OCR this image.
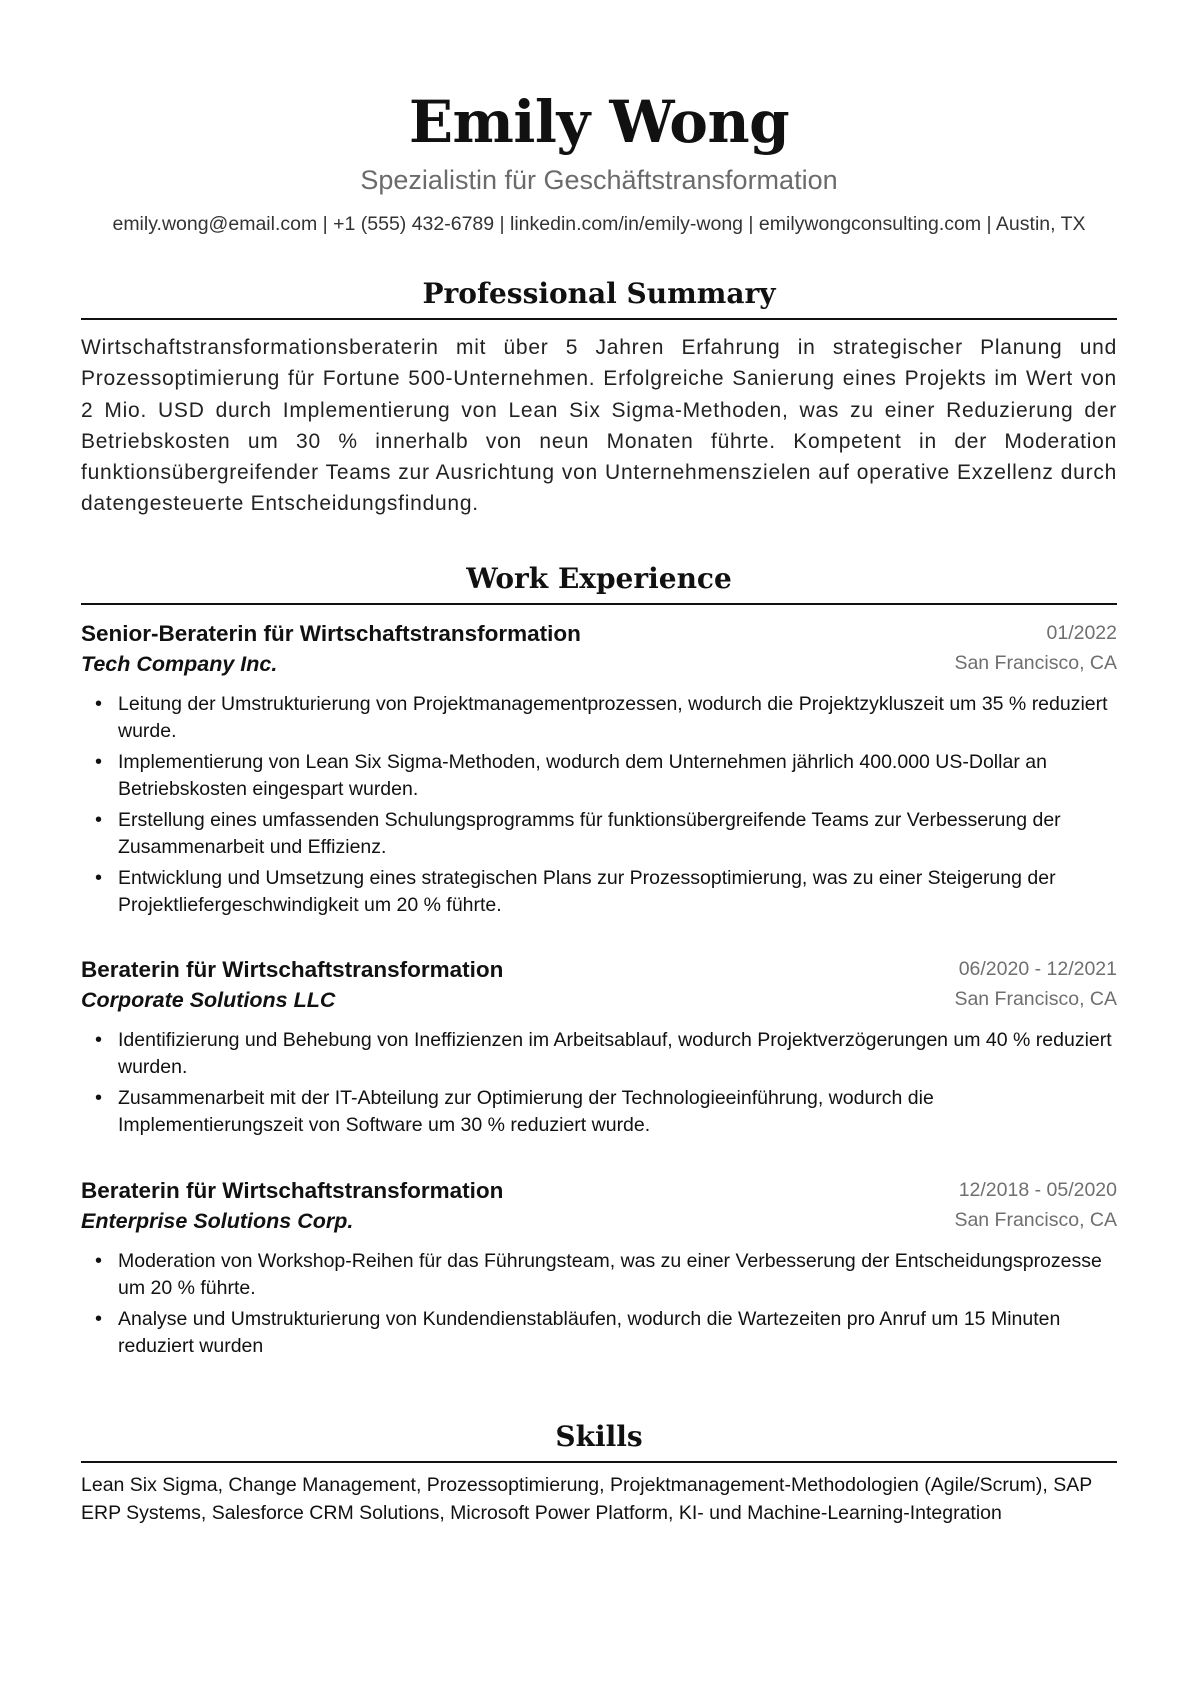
Emily Wong
Spezialistin für Geschäftstransformation
emily.wong@email.com | +1 (555) 432-6789 | linkedin.com/in/emily-wong | emilywongconsulting.com | Austin, TX
Professional Summary

Wirtschaftstransformationsberaterin mit über 5 Jahren Erfahrung in strategischer Planung und Prozessoptimierung für Fortune 500-Unternehmen. Erfolgreiche Sanierung eines Projekts im Wert von 2 Mio. USD durch Implementierung von Lean Six Sigma-Methoden, was zu einer Reduzierung der Betriebskosten um 30 % innerhalb von neun Monaten führte. Kompetent in der Moderation funktionsübergreifender Teams zur Ausrichtung von Unternehmenszielen auf operative Exzellenz durch datengesteuerte Entscheidungsfindung.

Work Experience
Senior-Beraterin für Wirtschaftstransformation
Tech Company Inc.
01/2022
San Francisco, CA
• Leitung der Umstrukturierung von Projektmanagementprozessen, wodurch die Projektzykluszeit um 35 % reduziert wurde.
• Implementierung von Lean Six Sigma-Methoden, wodurch dem Unternehmen jährlich 400.000 US-Dollar an Betriebskosten eingespart wurden.
• Erstellung eines umfassenden Schulungsprogramms für funktionsübergreifende Teams zur Verbesserung der Zusammenarbeit und Effizienz.
• Entwicklung und Umsetzung eines strategischen Plans zur Prozessoptimierung, was zu einer Steigerung der Projektliefergeschwindigkeit um 20 % führte.
Beraterin für Wirtschaftstransformation
Corporate Solutions LLC
06/2020 - 12/2021
San Francisco, CA
• Identifizierung und Behebung von Ineffizienzen im Arbeitsablauf, wodurch Projektverzögerungen um 40 % reduziert wurden.
• Zusammenarbeit mit der IT-Abteilung zur Optimierung der Technologieeinführung, wodurch die Implementierungszeit von Software um 30 % reduziert wurde.
Beraterin für Wirtschaftstransformation
Enterprise Solutions Corp.
12/2018 - 05/2020
San Francisco, CA
• Moderation von Workshop-Reihen für das Führungsteam, was zu einer Verbesserung der Entscheidungsprozesse um 20 % führte.
• Analyse und Umstrukturierung von Kundendienstabläufen, wodurch die Wartezeiten pro Anruf um 15 Minuten reduziert wurden
Skills

Lean Six Sigma, Change Management, Prozessoptimierung, Projektmanagement-Methodologien (Agile/Scrum), SAP ERP Systems, Salesforce CRM Solutions, Microsoft Power Platform, KI- und Machine-Learning-Integration
